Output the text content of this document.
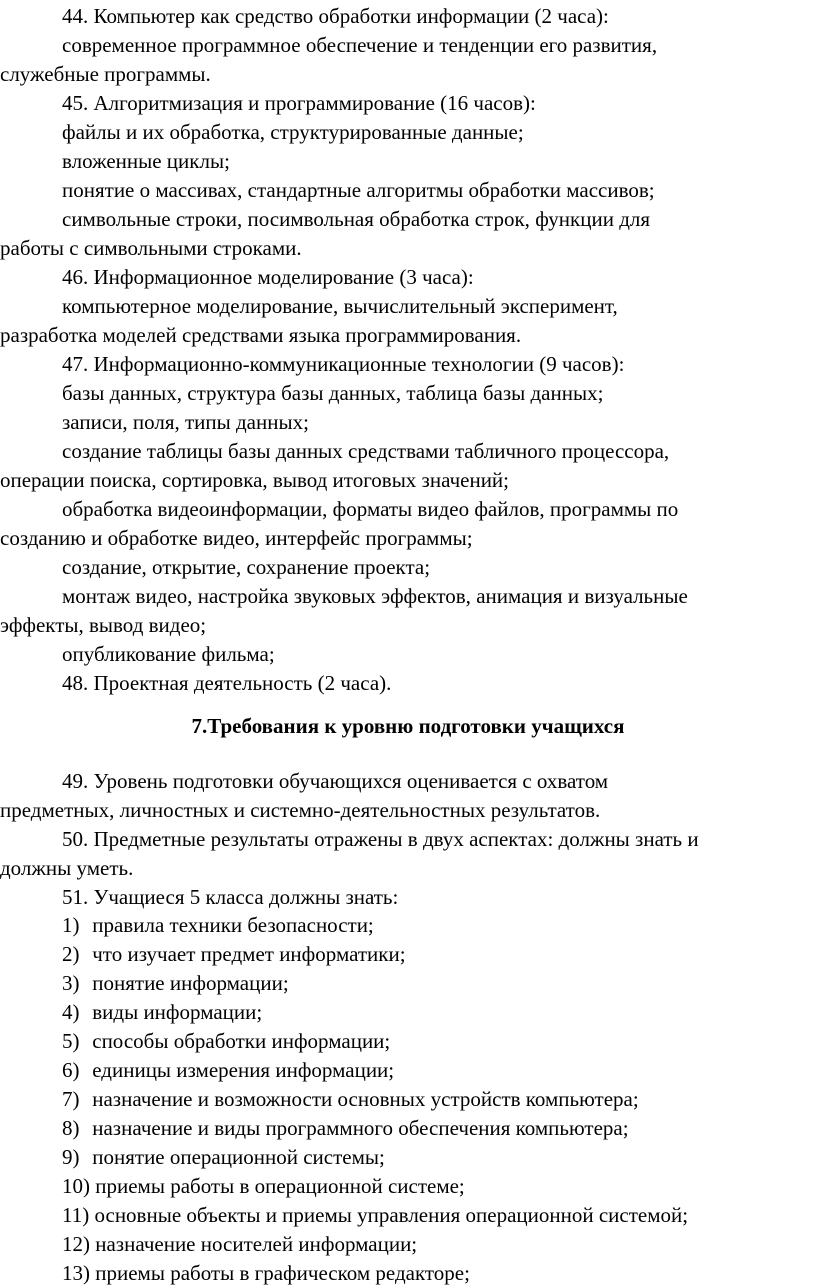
44. Компьютер как средство обработки информации (2 часа):
современное программное обеспечение и тенденции его развития,
служебные программы.
45. Алгоритмизация и программирование (16 часов):
файлы и их обработка, структурированные данные;
вложенные циклы;
понятие о массивах, стандартные алгоритмы обработки массивов;
символьные строки, посимвольная обработка строк, функции для
работы с символьными строками.
46. Информационное моделирование (3 часа):
компьютерное моделирование, вычислительный эксперимент,
разработка моделей средствами языка программирования.
47. Информационно-коммуникационные технологии (9 часов):
базы данных, структура базы данных, таблица базы данных;
записи, поля, типы данных;
создание таблицы базы данных средствами табличного процессора,
операции поиска, сортировка, вывод итоговых значений;
обработка видеоинформации, форматы видео файлов, программы по
созданию и обработке видео, интерфейс программы;
создание, открытие, сохранение проекта;
монтаж видео, настройка звуковых эффектов, анимация и визуальные
эффекты, вывод видео;
опубликование фильма;
48. Проектная деятельность (2 часа).
7.Требования к уровню подготовки учащихся
49. Уровень подготовки обучающихся оценивается с охватом
предметных, личностных и системно-деятельностных результатов.
50. Предметные результаты отражены в двух аспектах: должны знать и
должны уметь.
51. Учащиеся 5 класса должны знать:
1) правила техники безопасности;
2) что изучает предмет информатики;
3) понятие информации;
4) виды информации;
5) способы обработки информации;
6) единицы измерения информации;
7) назначение и возможности основных устройств компьютера;
8) назначение и виды программного обеспечения компьютера;
9) понятие операционной системы;
10) приемы работы в операционной системе;
11) основные объекты и приемы управления операционной системой;
12) назначение носителей информации;
13) приемы работы в графическом редакторе;
